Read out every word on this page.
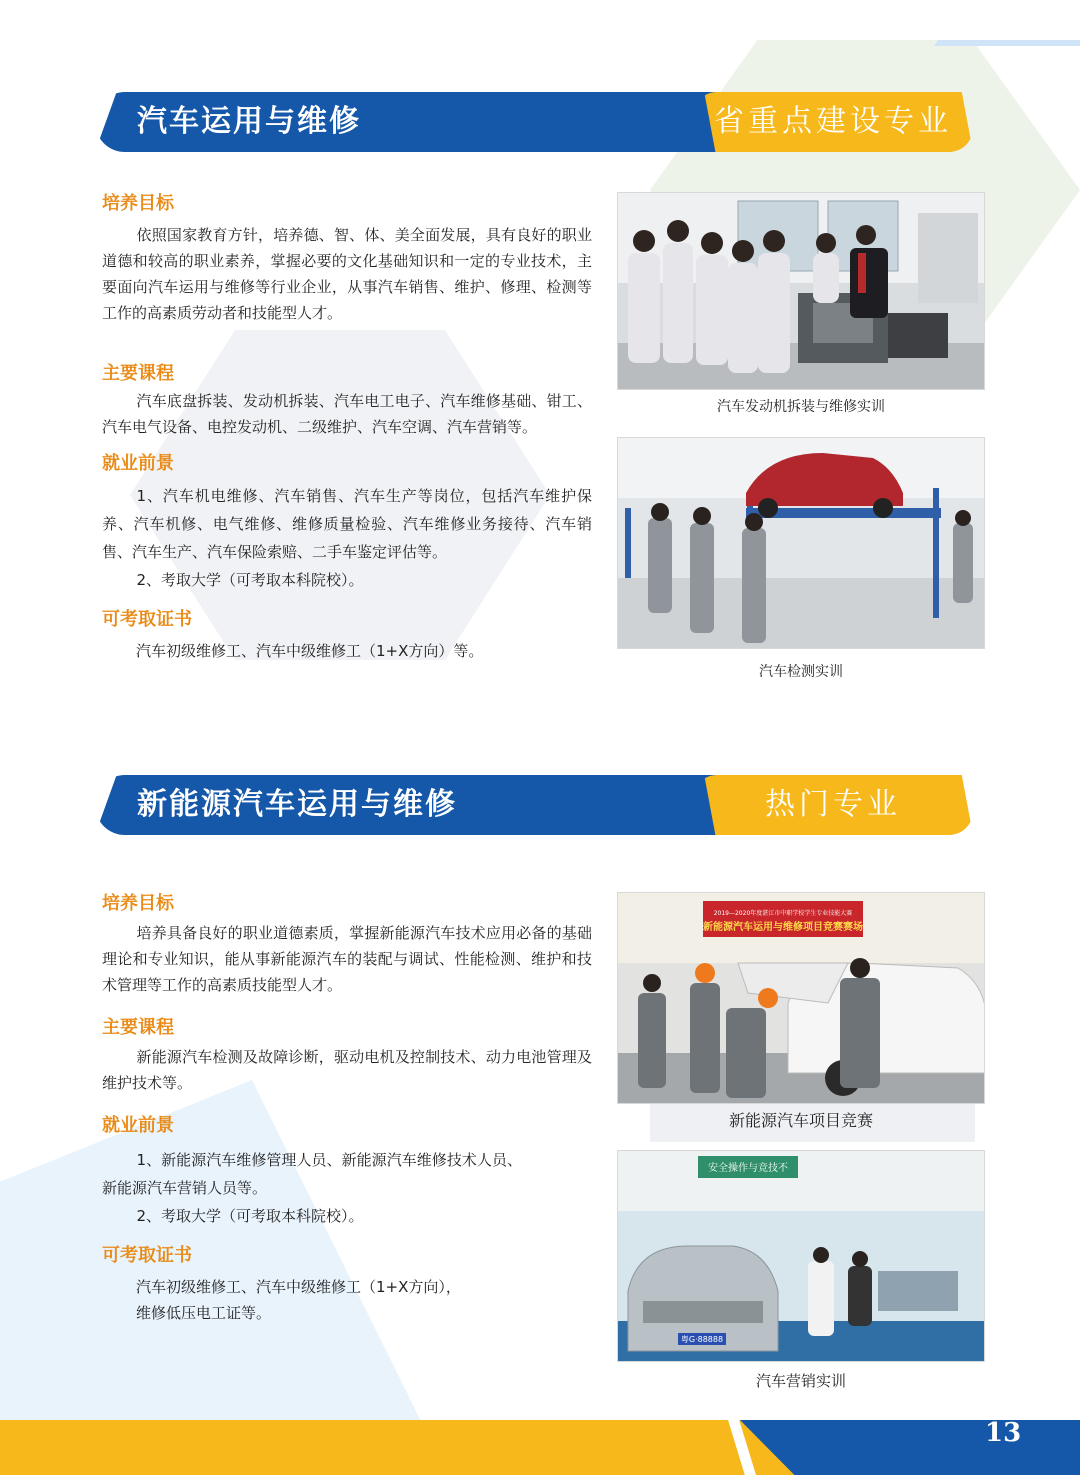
汽车运用与维修	省重点建设专业
培养目标

依照国家教育方针，培养德、智、体、美全面发展，具有良好的职业道德和较高的职业素养，掌握必要的文化基础知识和一定的专业技术，主要面向汽车运用与维修等行业企业，从事汽车销售、维护、修理、检测等工作的高素质劳动者和技能型人才。

主要课程

汽车底盘拆装、发动机拆装、汽车电工电子、汽车维修基础、钳工、汽车电气设备、电控发动机、二级维护、汽车空调、汽车营销等。

就业前景

1、汽车机电维修、汽车销售、汽车生产等岗位，包括汽车维护保养、汽车机修、电气维修、维修质量检验、汽车维修业务接待、汽车销售、汽车生产、汽车保险索赔、二手车鉴定评估等。

2、考取大学（可考取本科院校）。

可考取证书

汽车初级维修工、汽车中级维修工（1+X方向）等。

汽车发动机拆装与维修实训
汽车检测实训
新能源汽车运用与维修	热门专业
培养目标

培养具备良好的职业道德素质，掌握新能源汽车技术应用必备的基础理论和专业知识，能从事新能源汽车的装配与调试、性能检测、维护和技术管理等工作的高素质技能型人才。

主要课程

新能源汽车检测及故障诊断，驱动电机及控制技术、动力电池管理及维护技术等。

就业前景

1、新能源汽车维修管理人员、新能源汽车维修技术人员、新能源汽车营销人员等。

2、考取大学（可考取本科院校）。

可考取证书

汽车初级维修工、汽车中级维修工（1+X方向），

维修低压电工证等。

2019—2020年度湛江市中职学校学生专业技能大赛
新能源汽车运用与维修项目竞赛赛场
新能源汽车项目竞赛
安全操作与竞技不
粤G·88888
汽车营销实训
13
